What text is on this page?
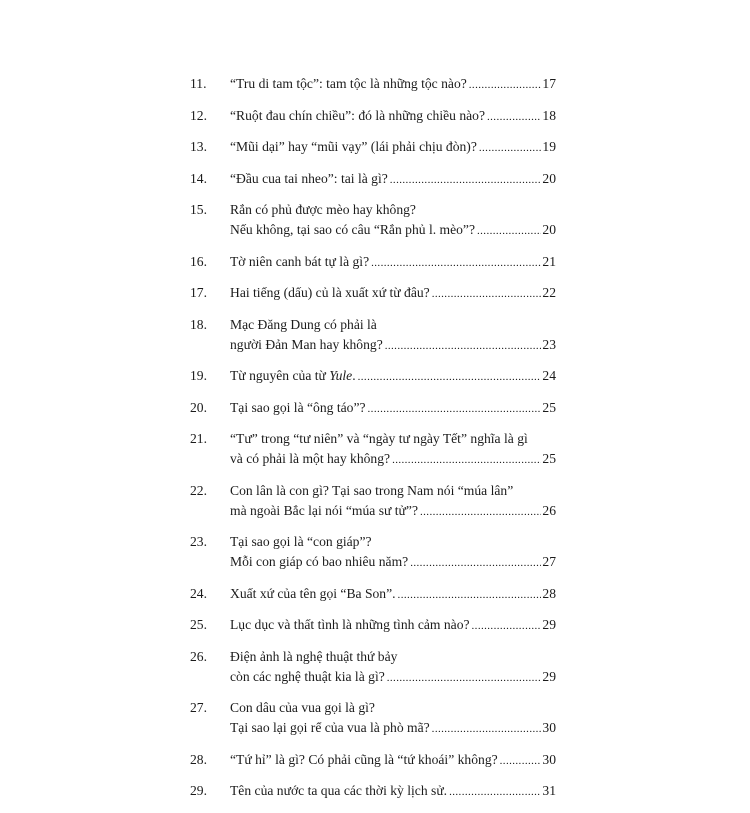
11.	“Tru di tam tộc”: tam tộc là những tộc nào? .....	17
12.	“Ruột đau chín chiều”: đó là những chiều nào? .....	18
13.	“Mũi dại” hay “mũi vạy” (lái phải chịu đòn)? .....	19
14.	“Đầu cua tai nheo”: tai là gì? .....	20
15.	Rắn có phủ được mèo hay không?
Nếu không, tại sao có câu “Rắn phủ l. mèo”? .....	20
16.	Tờ niên canh bát tự là gì? .....	21
17.	Hai tiếng (dấu) củ là xuất xứ từ đâu? .....	22
18.	Mạc Đăng Dung có phải là
người Đản Man hay không? .....	23
19.	Từ nguyên của từ Yule. .....	24
20.	Tại sao gọi là “ông táo”? .....	25
21.	“Tư” trong “tư niên” và “ngày tư ngày Tết” nghĩa là gì
và có phải là một hay không? .....	25
22.	Con lân là con gì? Tại sao trong Nam nói “múa lân”
mà ngoài Bắc lại nói “múa sư tử”? .....	26
23.	Tại sao gọi là “con giáp”?
Mỗi con giáp có bao nhiêu năm? .....	27
24.	Xuất xứ của tên gọi “Ba Son”. .....	28
25.	Lục dục và thất tình là những tình cảm nào? .....	29
26.	Điện ảnh là nghệ thuật thứ bảy
còn các nghệ thuật kia là gì? .....	29
27.	Con dâu của vua gọi là gì?
Tại sao lại gọi rể của vua là phò mã? .....	30
28.	“Tứ hỉ” là gì? Có phải cũng là “tứ khoái” không? .....	30
29.	Tên của nước ta qua các thời kỳ lịch sử. .....	31
